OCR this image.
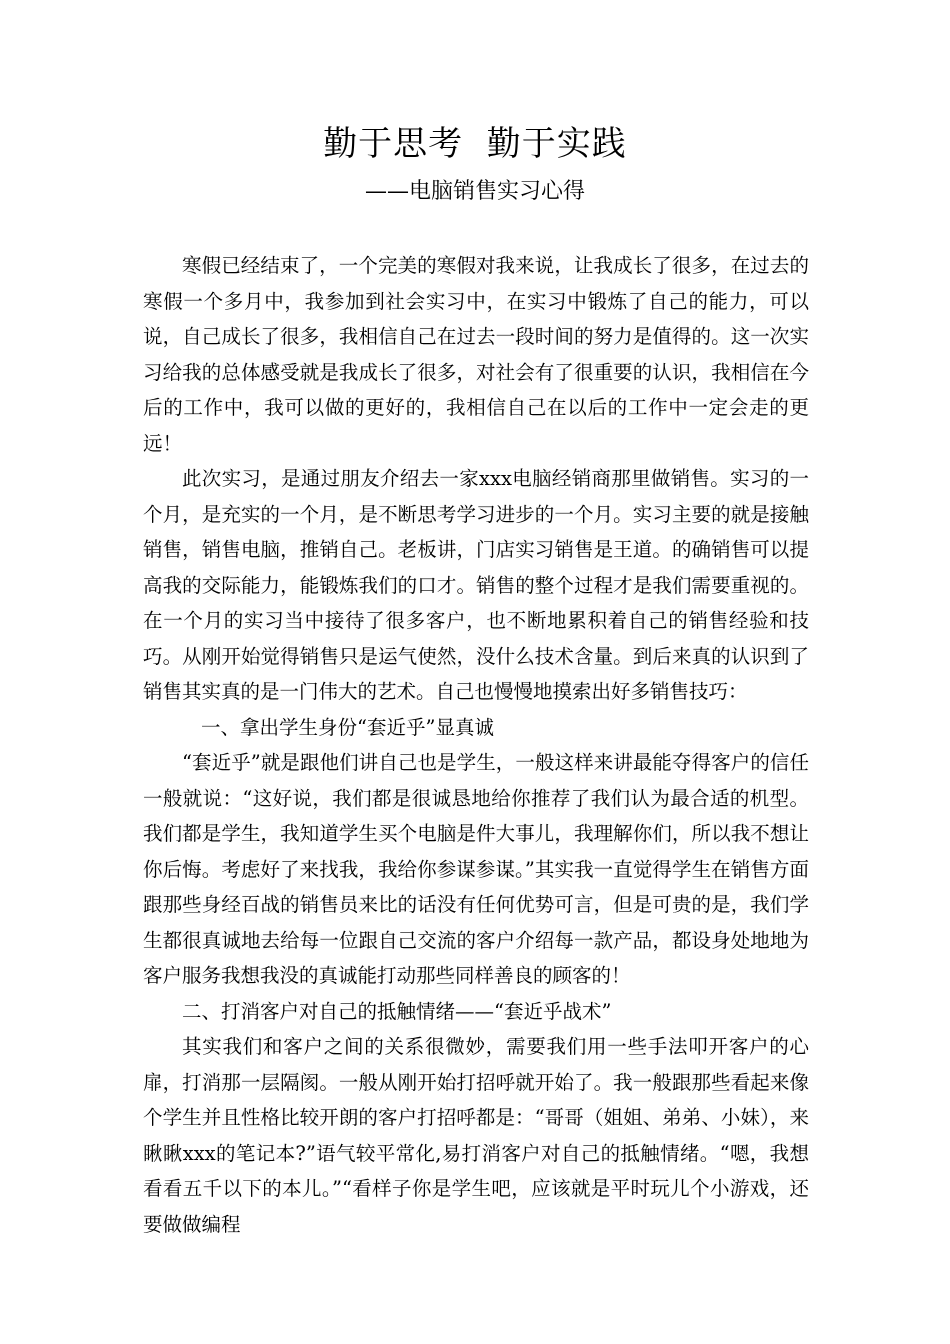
勤于思考  勤于实践
——电脑销售实习心得

寒假已经结束了，一个完美的寒假对我来说，让我成长了很多，在过去的寒假一个多月中，我参加到社会实习中，在实习中锻炼了自己的能力，可以说，自己成长了很多，我相信自己在过去一段时间的努力是值得的。这一次实习给我的总体感受就是我成长了很多，对社会有了很重要的认识，我相信在今后的工作中，我可以做的更好的，我相信自己在以后的工作中一定会走的更远！

此次实习，是通过朋友介绍去一家xxx电脑经销商那里做销售。实习的一个月，是充实的一个月，是不断思考学习进步的一个月。实习主要的就是接触销售，销售电脑，推销自己。老板讲，门店实习销售是王道。的确销售可以提高我的交际能力，能锻炼我们的口才。销售的整个过程才是我们需要重视的。在一个月的实习当中接待了很多客户，也不断地累积着自己的销售经验和技巧。从刚开始觉得销售只是运气使然，没什么技术含量。到后来真的认识到了销售其实真的是一门伟大的艺术。自己也慢慢地摸索出好多销售技巧：

一、拿出学生身份“套近乎”显真诚

“套近乎”就是跟他们讲自己也是学生，一般这样来讲最能夺得客户的信任一般就说：“这好说，我们都是很诚恳地给你推荐了我们认为最合适的机型。我们都是学生，我知道学生买个电脑是件大事儿，我理解你们，所以我不想让你后悔。考虑好了来找我，我给你参谋参谋。”其实我一直觉得学生在销售方面跟那些身经百战的销售员来比的话没有任何优势可言，但是可贵的是，我们学生都很真诚地去给每一位跟自己交流的客户介绍每一款产品，都设身处地地为客户服务我想我没的真诚能打动那些同样善良的顾客的！

二、打消客户对自己的抵触情绪——“套近乎战术”

其实我们和客户之间的关系很微妙，需要我们用一些手法叩开客户的心扉，打消那一层隔阂。一般从刚开始打招呼就开始了。我一般跟那些看起来像个学生并且性格比较开朗的客户打招呼都是：“哥哥（姐姐、弟弟、小妹），来瞅瞅xxx的笔记本?”语气较平常化,易打消客户对自己的抵触情绪。“嗯，我想看看五千以下的本儿。”“看样子你是学生吧，应该就是平时玩儿个小游戏，还要做做编程
